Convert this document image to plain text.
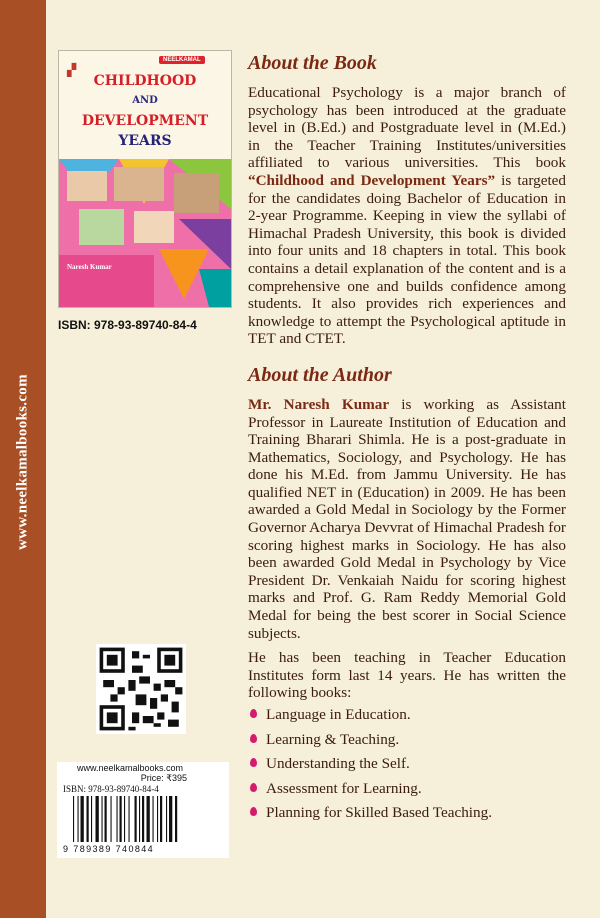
www.neelkamalbooks.com
▞
NEELKAMAL
CHILDHOOD
AND
DEVELOPMENT
YEARS
Naresh Kumar
ISBN: 978-93-89740-84-4
www.neelkamalbooks.com
Price: ₹395
ISBN: 978-93-89740-84-4
9 789389 740844
About the Book

Educational Psychology is a major branch of psychology has been introduced at the graduate level in (B.Ed.) and Postgraduate level in (M.Ed.) in the Teacher Training Institutes/universities affiliated to various universities. This book “Childhood and Development Years” is targeted for the candidates doing Bachelor of Education in 2-year Programme. Keeping in view the syllabi of Himachal Pradesh University, this book is divided into four units and 18 chapters in total. This book contains a detail explanation of the content and is a comprehensive one and builds confidence among students. It also provides rich experiences and knowledge to attempt the Psychological aptitude in TET and CTET.

About the Author

Mr. Naresh Kumar is working as Assistant Professor in Laureate Institution of Education and Training Bharari Shimla. He is a post-graduate in Mathematics, Sociology, and Psychology. He has done his M.Ed. from Jammu University. He has qualified NET in (Education) in 2009. He has been awarded a Gold Medal in Sociology by the Former Governor Acharya Devvrat of Himachal Pradesh for scoring highest marks in Sociology. He has also been awarded Gold Medal in Psychology by Vice President Dr. Venkaiah Naidu for scoring highest marks and Prof. G. Ram Reddy Memorial Gold Medal for being the best scorer in Social Science subjects.

He has been teaching in Teacher Education Institutes form last 14 years. He has written the following books:

Language in Education.
Learning & Teaching.
Understanding the Self.
Assessment for Learning.
Planning for Skilled Based Teaching.
